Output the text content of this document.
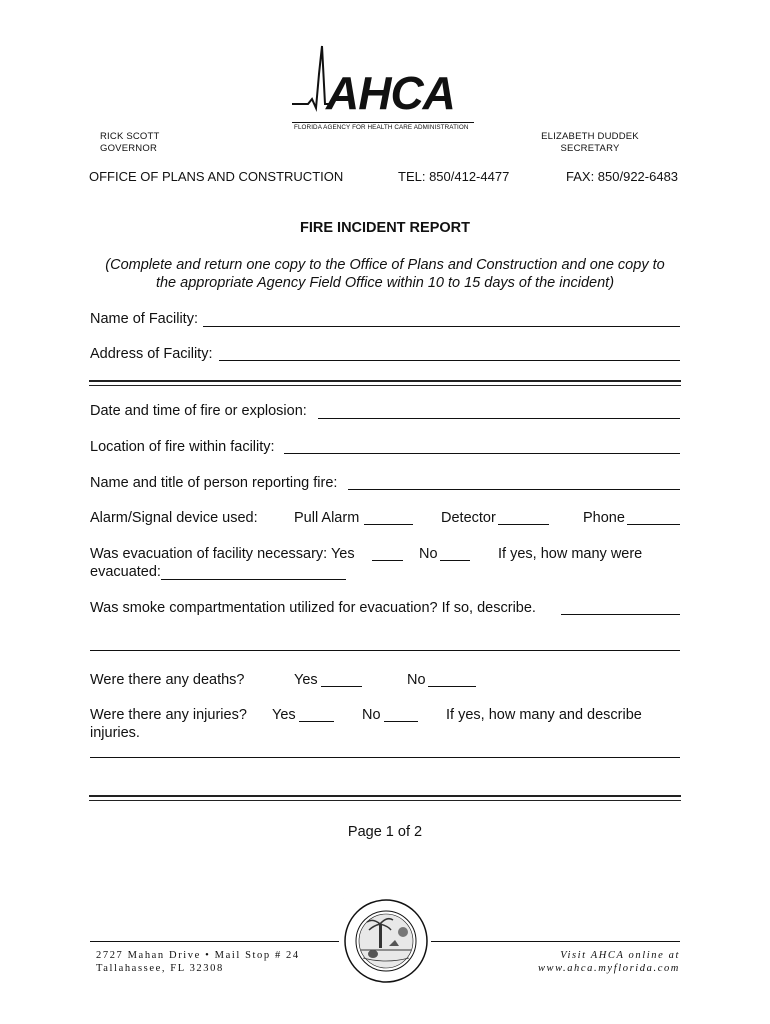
AHCA
FLORIDA AGENCY FOR HEALTH CARE ADMINISTRATION
RICK SCOTT
GOVERNOR
ELIZABETH DUDDEK
SECRETARY
OFFICE OF PLANS AND CONSTRUCTION	TEL: 850/412-4477	FAX: 850/922-6483
FIRE INCIDENT REPORT
(Complete and return one copy to the Office of Plans and Construction and one copy to
the appropriate Agency Field Office within 10 to 15 days of the incident)
Name of Facility:
Address of Facility:
Date and time of fire or explosion:
Location of fire within facility:
Name and title of person reporting fire:
Alarm/Signal device used:	Pull Alarm	Detector	Phone
Was evacuation of facility necessary: Yes	No	If yes, how many were
evacuated:
Was smoke compartmentation utilized for evacuation? If so, describe.
Were there any deaths?	Yes	No
Were there any injuries? Yes	No	If yes, how many and describe
injuries.
Page 1 of 2
2727 Mahan Drive • Mail Stop # 24
Tallahassee, FL 32308
Visit AHCA online at
www.ahca.myflorida.com
